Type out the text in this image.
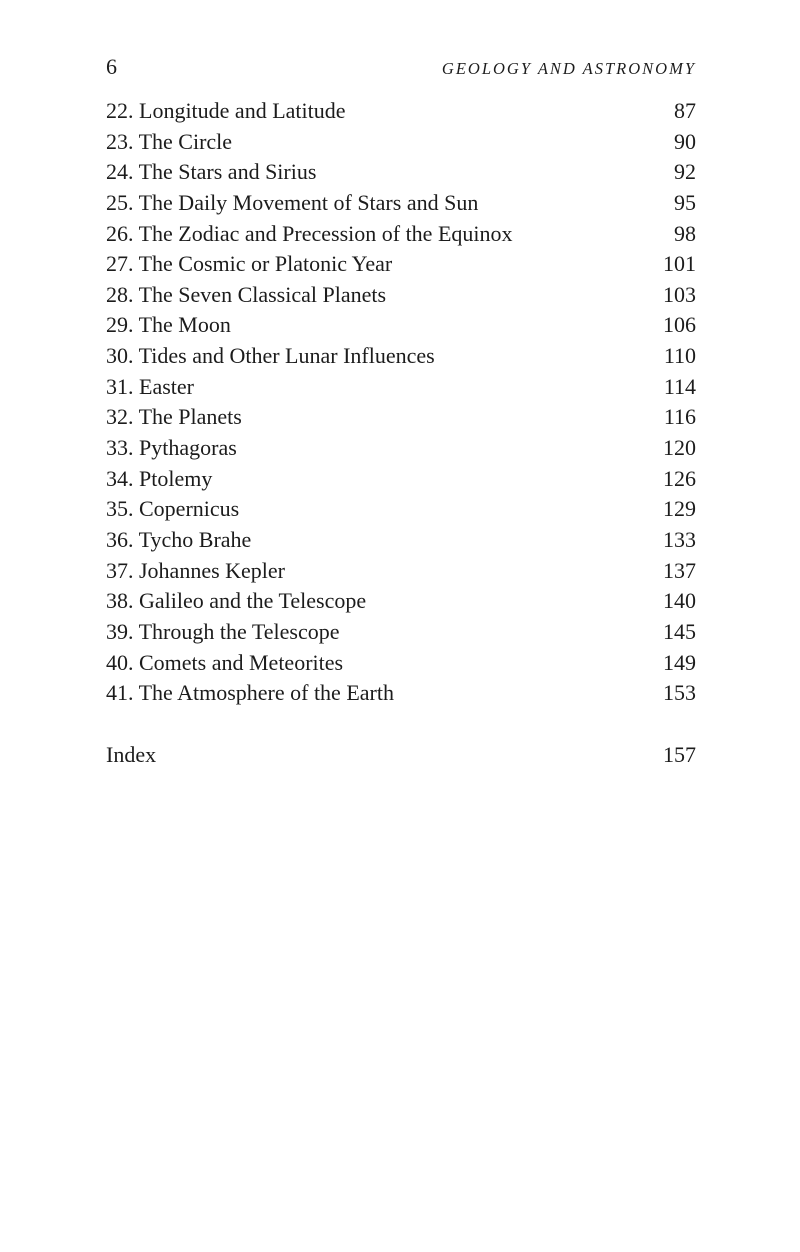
6	GEOLOGY AND ASTRONOMY
22. Longitude and Latitude	87
23. The Circle	90
24. The Stars and Sirius	92
25. The Daily Movement of Stars and Sun	95
26. The Zodiac and Precession of the Equinox	98
27. The Cosmic or Platonic Year	101
28. The Seven Classical Planets	103
29. The Moon	106
30. Tides and Other Lunar Influences	110
31. Easter	114
32. The Planets	116
33. Pythagoras	120
34. Ptolemy	126
35. Copernicus	129
36. Tycho Brahe	133
37. Johannes Kepler	137
38. Galileo and the Telescope	140
39. Through the Telescope	145
40. Comets and Meteorites	149
41. The Atmosphere of the Earth	153
Index	157
